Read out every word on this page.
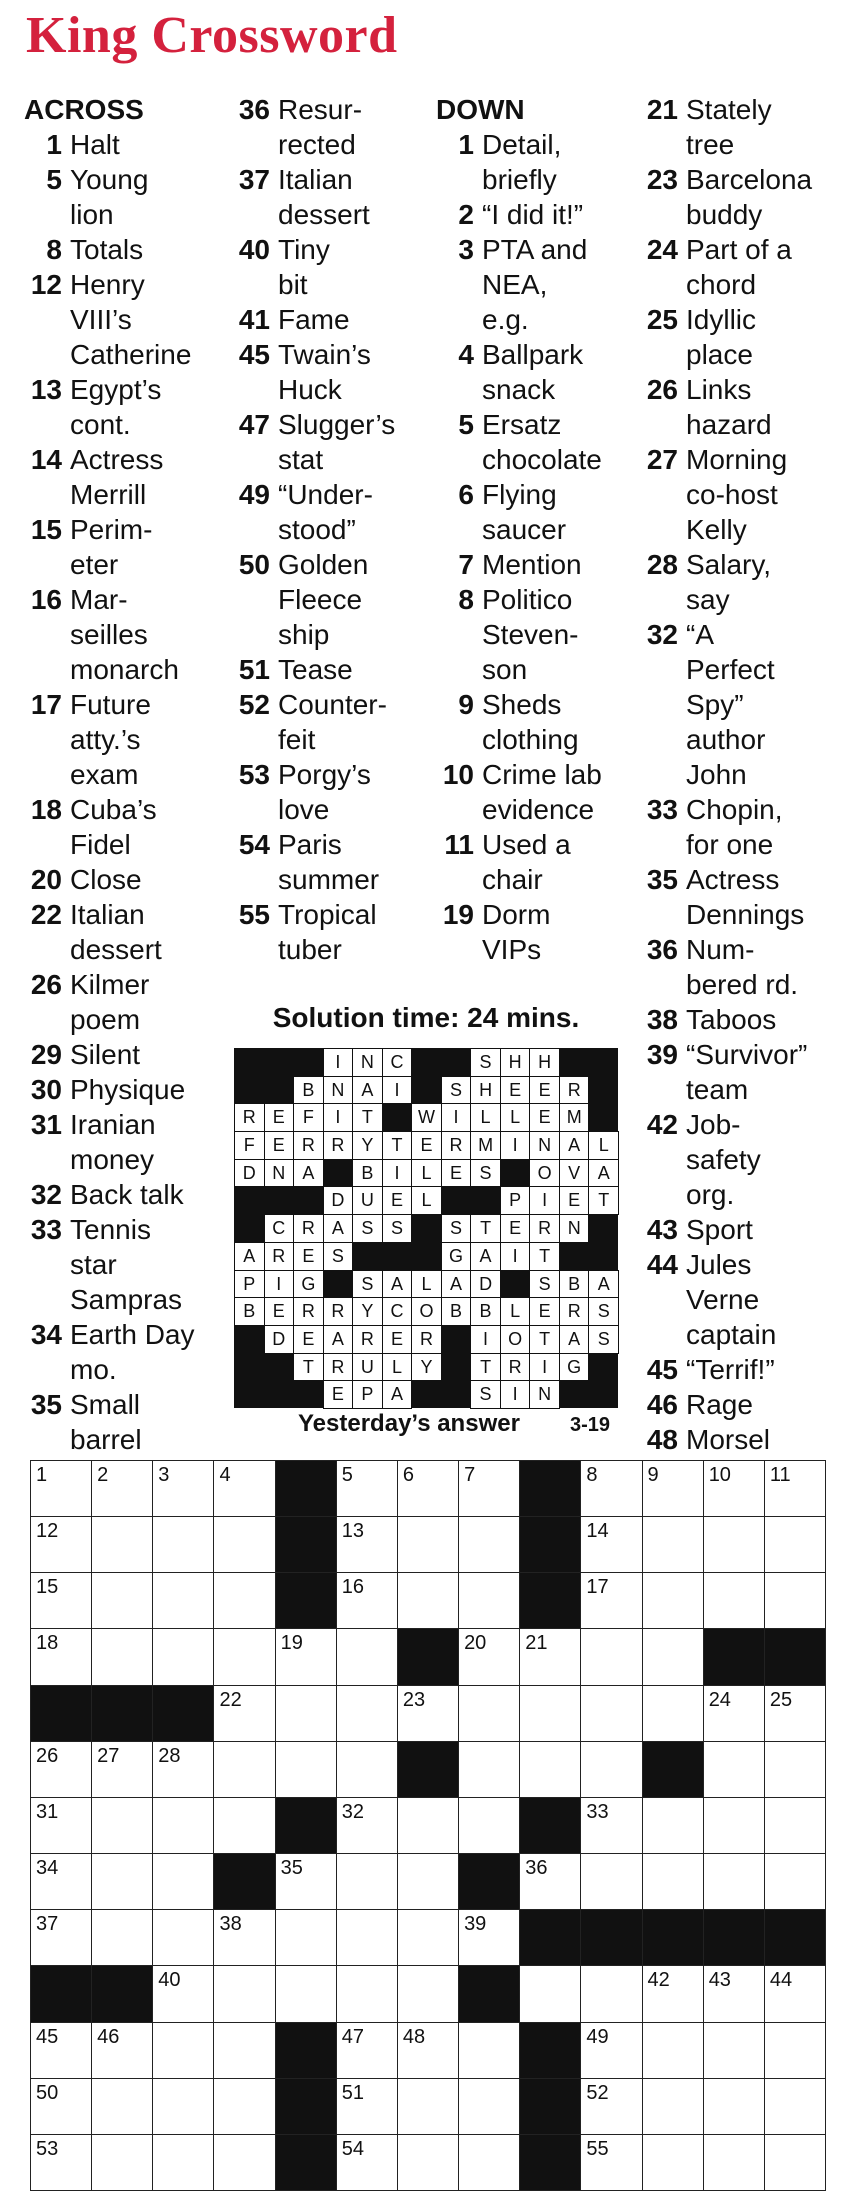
King Crossword
ACROSS
1 Halt
5 Young
lion
8 Totals
12 Henry
VIII’s
Catherine
13 Egypt’s
cont.
14 Actress
Merrill
15 Perim-
eter
16 Mar-
seilles
monarch
17 Future
atty.’s
exam
18 Cuba’s
Fidel
20 Close
22 Italian
dessert
26 Kilmer
poem
29 Silent
30 Physique
31 Iranian
money
32 Back talk
33 Tennis
star
Sampras
34 Earth Day
mo.
35 Small
barrel
36 Resur-
rected
37 Italian
dessert
40 Tiny
bit
41 Fame
45 Twain’s
Huck
47 Slugger’s
stat
49 “Under-
stood”
50 Golden
Fleece
ship
51 Tease
52 Counter-
feit
53 Porgy’s
love
54 Paris
summer
55 Tropical
tuber
DOWN
1 Detail,
briefly
2 “I did it!”
3 PTA and
NEA,
e.g.
4 Ballpark
snack
5 Ersatz
chocolate
6 Flying
saucer
7 Mention
8 Politico
Steven-
son
9 Sheds
clothing
10 Crime lab
evidence
11 Used a
chair
19 Dorm
VIPs
21 Stately
tree
23 Barcelona
buddy
24 Part of a
chord
25 Idyllic
place
26 Links
hazard
27 Morning
co-host
Kelly
28 Salary,
say
32 “A
Perfect
Spy”
author
John
33 Chopin,
for one
35 Actress
Dennings
36 Num-
bered rd.
38 Taboos
39 “Survivor”
team
42 Job-
safety
org.
43 Sport
44 Jules
Verne
captain
45 “Terrif!”
46 Rage
48 Morsel
Solution time: 24 mins.
I	N C	S H H
B N A	I	S H E E R
R E	F	I	T	W	I	L	L	E M
F	E R R Y	T	E R M	I	N A	L
D N A	B	I	L	E S	O V A
D U E	L	P	I	E	T
C R A S S	S	T	E R N
A R E S	G A	I	T
P	I	G	S A	L	A D	S B A
B E R R Y C O B B	L	E R S
D E A R E R	I	O T	A S
T R U	L	Y	T R	I	G
E P A	S	I	N
Yesterday’s answer	3-19
1	2	3	4	5	6	7	8	9	10 11
12	13	14
15	16	17
18	19	20 21
22	23	24 25
26 27 28
31	32	33
34	35	36
37	38	39
40	42 43 44
45 46	47 48	49
50	51	52
53	54	55
